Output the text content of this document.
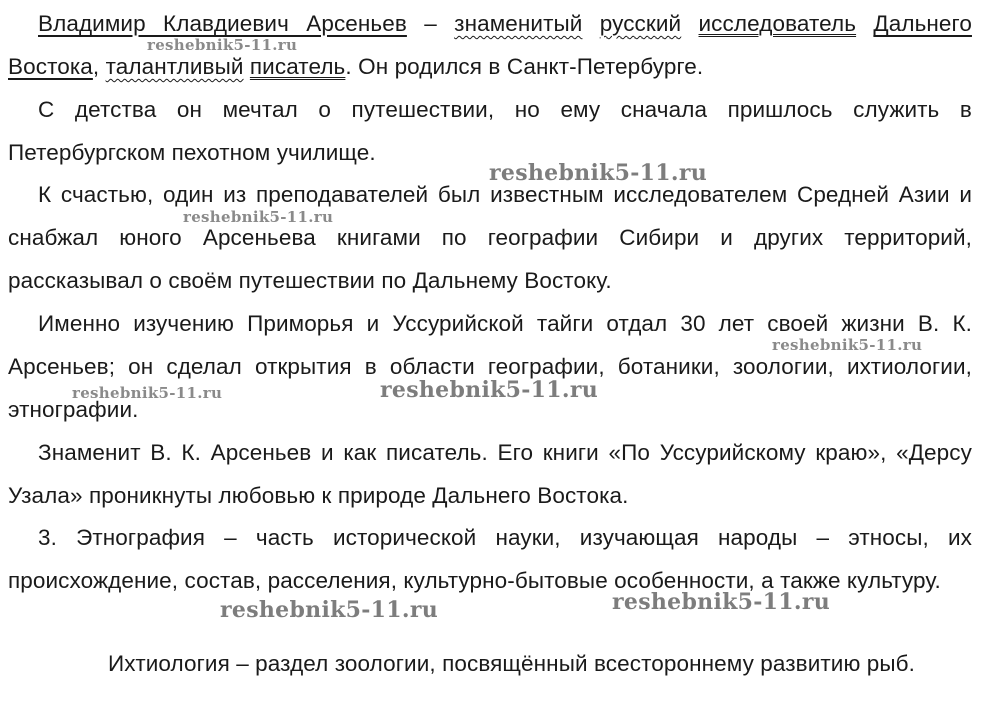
Владимир Клавдиевич Арсеньев – знаменитый русский исследователь Дальнего Востока, талантливый писатель. Он родился в Санкт-Петербурге.

С детства он мечтал о путешествии, но ему сначала пришлось служить в Петербургском пехотном училище.

К счастью, один из преподавателей был известным исследователем Средней Азии и снабжал юного Арсеньева книгами по географии Сибири и других территорий, рассказывал о своём путешествии по Дальнему Востоку.

Именно изучению Приморья и Уссурийской тайги отдал 30 лет своей жизни В. К. Арсеньев; он сделал открытия в области географии, ботаники, зоологии, ихтиологии, этнографии.

Знаменит В. К. Арсеньев и как писатель. Его книги «По Уссурийскому краю», «Дерсу Узала» проникнуты любовью к природе Дальнего Востока.

3. Этнография – часть исторической науки, изучающая народы – этносы, их происхождение, состав, расселения, культурно-бытовые особенности, а также культуру.

Ихтиология – раздел зоологии, посвящённый всестороннему развитию рыб.

reshebnik5-11.ru
reshebnik5-11.ru
reshebnik5-11.ru
reshebnik5-11.ru
reshebnik5-11.ru	reshebnik5-11.ru
reshebnik5-11.ru	reshebnik5-11.ru
